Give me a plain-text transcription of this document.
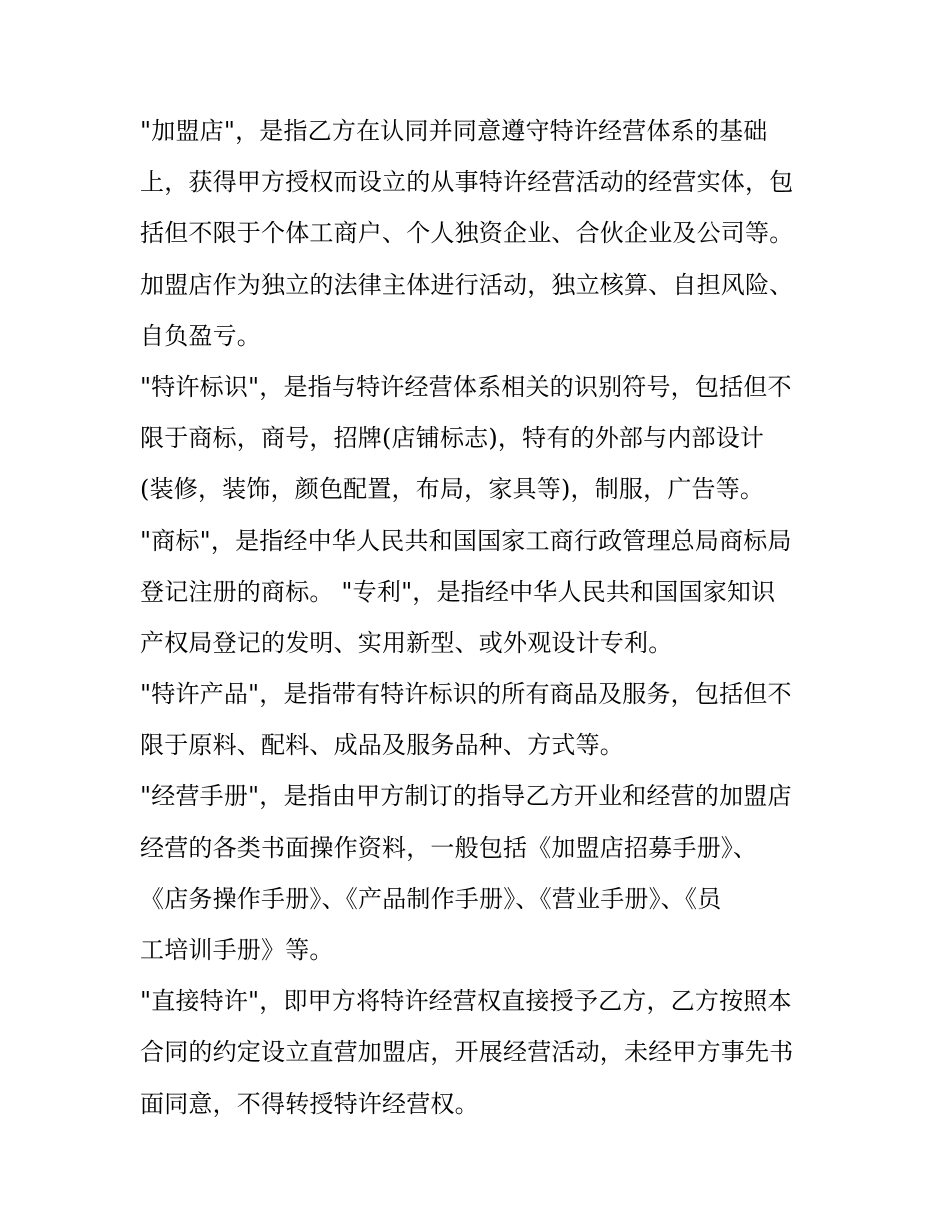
"加盟店"，是指乙方在认同并同意遵守特许经营体系的基础
上，获得甲方授权而设立的从事特许经营活动的经营实体，包
括但不限于个体工商户、个人独资企业、合伙企业及公司等。
加盟店作为独立的法律主体进行活动，独立核算、自担风险、
自负盈亏。
"特许标识"，是指与特许经营体系相关的识别符号，包括但不
限于商标，商号，招牌(店铺标志)，特有的外部与内部设计
(装修，装饰，颜色配置，布局，家具等)，制服，广告等。
"商标"，是指经中华人民共和国国家工商行政管理总局商标局
登记注册的商标。 "专利"，是指经中华人民共和国国家知识
产权局登记的发明、实用新型、或外观设计专利。
"特许产品"，是指带有特许标识的所有商品及服务，包括但不
限于原料、配料、成品及服务品种、方式等。
"经营手册"，是指由甲方制订的指导乙方开业和经营的加盟店
经营的各类书面操作资料，一般包括《加盟店招募手册》、
《店务操作手册》、《产品制作手册》、《营业手册》、《员
工培训手册》等。
"直接特许"，即甲方将特许经营权直接授予乙方，乙方按照本
合同的约定设立直营加盟店，开展经营活动，未经甲方事先书
面同意，不得转授特许经营权。
